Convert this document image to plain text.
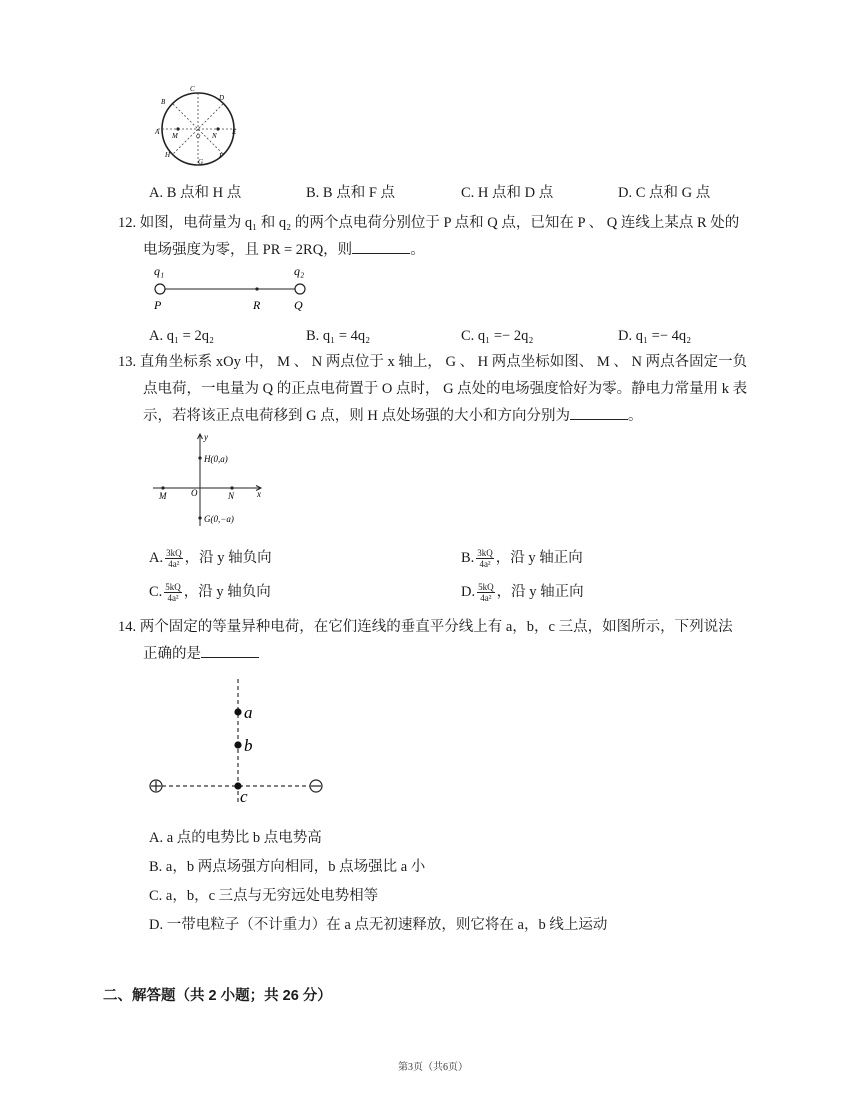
C
D
A M	O N E
B
H
G
F
A. B 点和 H 点	B. B 点和 F 点	C. H 点和 D 点	D. C 点和 G 点
12. 如图，电荷量为 q₁ 和 q₂ 的两个点电荷分别位于 P 点和 Q 点，已知在 P 、 Q 连线上某点 R 处的
电场强度为零，且 PR = 2RQ，则	。
q₁	q₂
P	R	Q
A. q₁ = 2q₂	B. q₁ = 4q₂	C. q₁ =− 2q₂	D. q₁ =− 4q₂
13. 直角坐标系 xOy 中， M 、 N 两点位于 x 轴上， G 、 H 两点坐标如图、 M 、 N 两点各固定一负
点电荷，一电量为 Q 的正点电荷置于 O 点时， G 点处的电场强度恰好为零。静电力常量用 k 表
示，若将该正点电荷移到 G 点，则 H 点处场强的大小和方向分别为	。
y
x
H(0,a)
G(0,−a)
M	O	N
A. $\frac{3kQ}{\text{4a²}}$ ，沿 y 轴负向	B. $\frac{3kQ}{\text{4a²}}$ ，沿 y 轴正向
C. $\frac{5kQ}{\text{4a²}}$ ，沿 y 轴负向	D. $\frac{5kQ}{\text{4a²}}$ ，沿 y 轴正向
14. 两个固定的等量异种电荷，在它们连线的垂直平分线上有 a，b，c 三点，如图所示，下列说法
正确的是
a
b
c
A. a 点的电势比 b 点电势高
B. a，b 两点场强方向相同，b 点场强比 a 小
C. a，b，c 三点与无穷远处电势相等
D. 一带电粒子（不计重力）在 a 点无初速释放，则它将在 a，b 线上运动
二、解答题（共 2 小题；共 26 分）
第3页（共6页）
